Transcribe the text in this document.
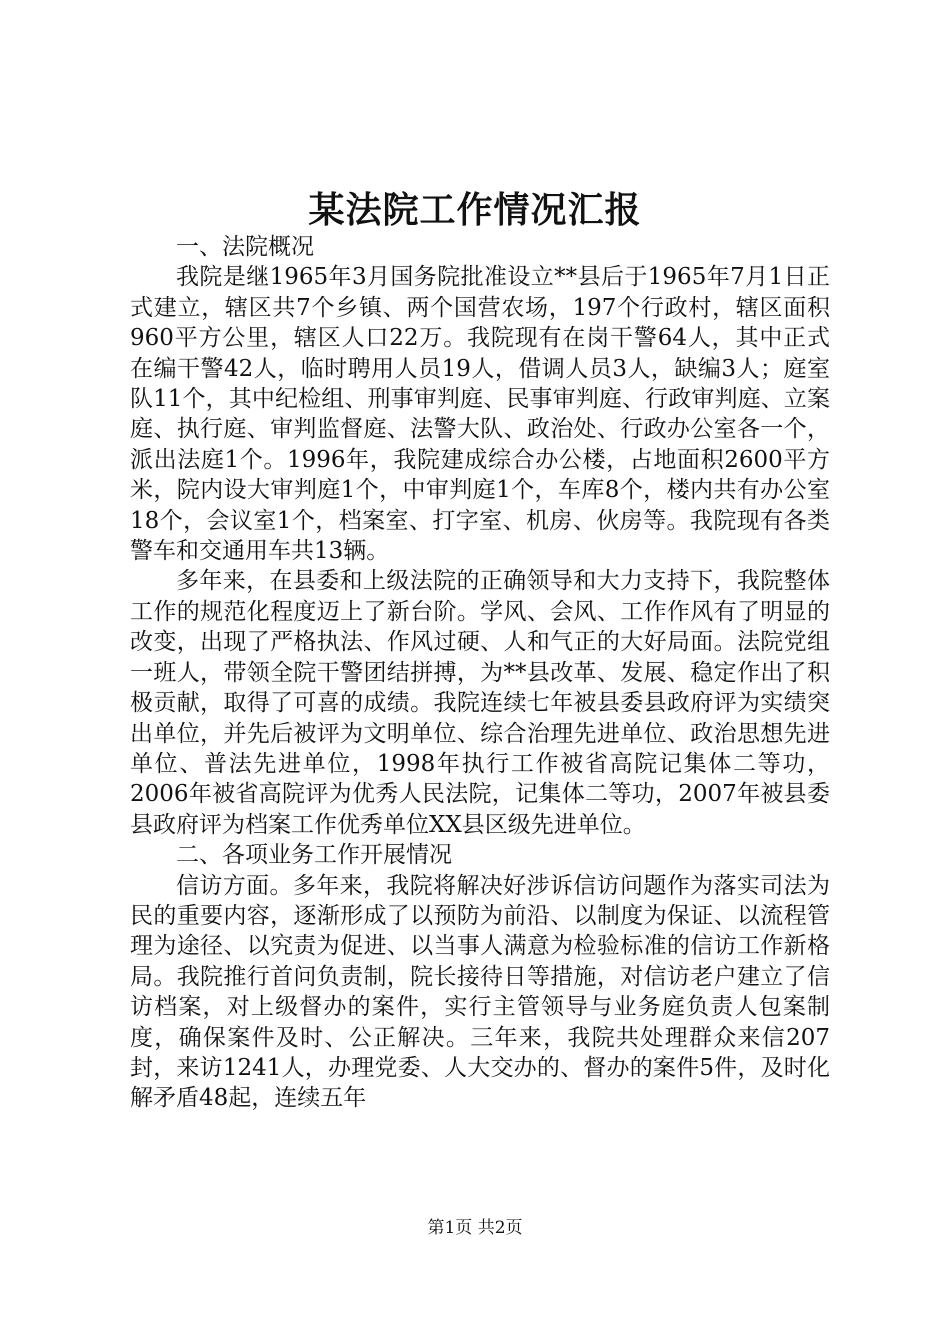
某法院工作情况汇报

一、法院概况

我院是继1965年3月国务院批准设立**县后于1965年7月1日正式建立，辖区共7个乡镇、两个国营农场，197个行政村，辖区面积960平方公里，辖区人口22万。我院现有在岗干警64人，其中正式在编干警42人，临时聘用人员19人，借调人员3人，缺编3人；庭室队11个，其中纪检组、刑事审判庭、民事审判庭、行政审判庭、立案庭、执行庭、审判监督庭、法警大队、政治处、行政办公室各一个，派出法庭1个。1996年，我院建成综合办公楼，占地面积2600平方米，院内设大审判庭1个，中审判庭1个，车库8个，楼内共有办公室18个，会议室1个，档案室、打字室、机房、伙房等。我院现有各类警车和交通用车共13辆。

多年来，在县委和上级法院的正确领导和大力支持下，我院整体工作的规范化程度迈上了新台阶。学风、会风、工作作风有了明显的改变，出现了严格执法、作风过硬、人和气正的大好局面。法院党组一班人，带领全院干警团结拼搏，为**县改革、发展、稳定作出了积极贡献，取得了可喜的成绩。我院连续七年被县委县政府评为实绩突出单位，并先后被评为文明单位、综合治理先进单位、政治思想先进单位、普法先进单位，1998年执行工作被省高院记集体二等功，2006年被省高院评为优秀人民法院，记集体二等功，2007年被县委县政府评为档案工作优秀单位XX县区级先进单位。

二、各项业务工作开展情况

信访方面。多年来，我院将解决好涉诉信访问题作为落实司法为民的重要内容，逐渐形成了以预防为前沿、以制度为保证、以流程管理为途径、以究责为促进、以当事人满意为检验标准的信访工作新格局。我院推行首问负责制，院长接待日等措施，对信访老户建立了信访档案，对上级督办的案件，实行主管领导与业务庭负责人包案制度，确保案件及时、公正解决。三年来，我院共处理群众来信207封，来访1241人，办理党委、人大交办的、督办的案件5件，及时化解矛盾48起，连续五年

第1页 共2页
